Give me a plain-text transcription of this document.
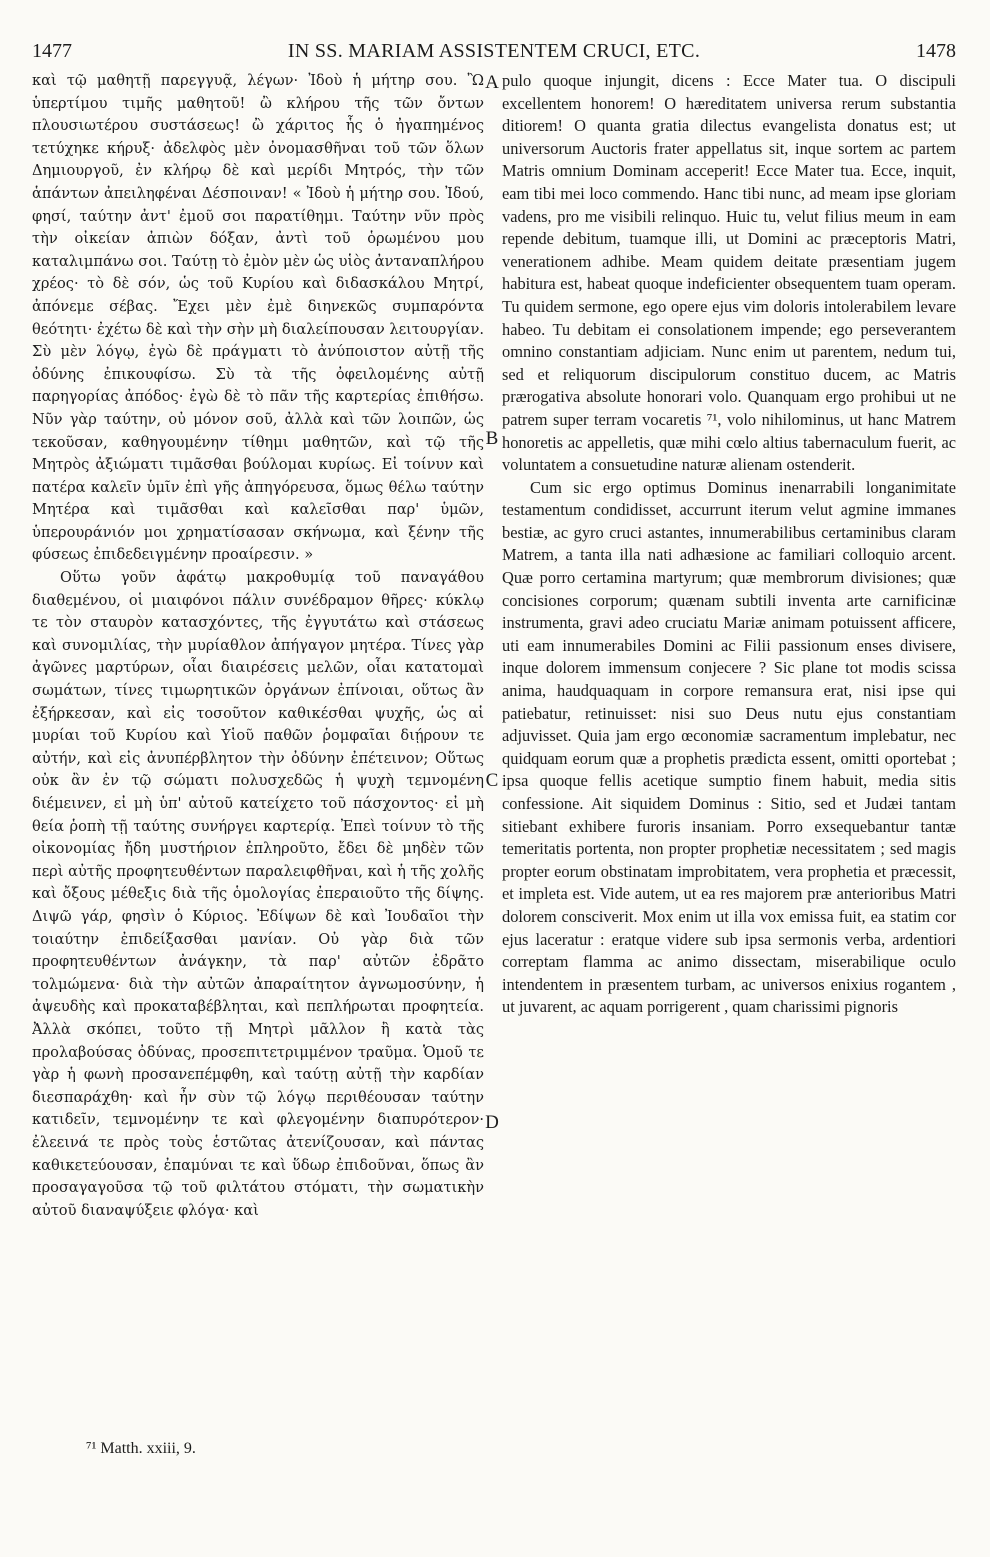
1477	IN SS. MARIAM ASSISTENTEM CRUCI, ETC.	1478

καὶ τῷ μαθητῇ παρεγγυᾷ, λέγων· Ἰδοὺ ἡ μήτηρ σου. Ὢ ὑπερτίμου τιμῆς μαθητοῦ! ὢ κλήρου τῆς τῶν ὄντων πλουσιωτέρου συστάσεως! ὢ χάριτος ἧς ὁ ἠγαπημένος τετύχηκε κήρυξ· ἀδελφὸς μὲν ὀνομασθῆναι τοῦ τῶν ὅλων Δημιουργοῦ, ἐν κλήρῳ δὲ καὶ μερίδι Μητρός, τὴν τῶν ἁπάντων ἀπειληφέναι Δέσποιναν! « Ἰδοὺ ἡ μήτηρ σου. Ἰδού, φησί, ταύτην ἀντ' ἐμοῦ σοι παρατίθημι. Ταύτην νῦν πρὸς τὴν οἰκείαν ἀπιὼν δόξαν, ἀντὶ τοῦ ὁρωμένου μου καταλιμπάνω σοι. Ταύτῃ τὸ ἐμὸν μὲν ὡς υἱὸς ἀνταναπλήρου χρέος· τὸ δὲ σόν, ὡς τοῦ Κυρίου καὶ διδασκάλου Μητρί, ἀπόνεμε σέβας. Ἔχει μὲν ἐμὲ διηνεκῶς συμπαρόντα θεότητι· ἐχέτω δὲ καὶ τὴν σὴν μὴ διαλείπουσαν λειτουργίαν. Σὺ μὲν λόγῳ, ἐγὼ δὲ πράγματι τὸ ἀνύποιστον αὐτῇ τῆς ὀδύνης ἐπικουφίσω. Σὺ τὰ τῆς ὀφειλομένης αὐτῇ παρηγορίας ἀπόδος· ἐγὼ δὲ τὸ πᾶν τῆς καρτερίας ἐπιθήσω. Νῦν γὰρ ταύτην, οὐ μόνον σοῦ, ἀλλὰ καὶ τῶν λοιπῶν, ὡς τεκοῦσαν, καθηγουμένην τίθημι μαθητῶν, καὶ τῷ τῆς Μητρὸς ἀξιώματι τιμᾶσθαι βούλομαι κυρίως. Εἰ τοίνυν καὶ πατέρα καλεῖν ὑμῖν ἐπὶ γῆς ἀπηγόρευσα, ὅμως θέλω ταύτην Μητέρα καὶ τιμᾶσθαι καὶ καλεῖσθαι παρ' ὑμῶν, ὑπερουράνιόν μοι χρηματίσασαν σκήνωμα, καὶ ξένην τῆς φύσεως ἐπιδεδειγμένην προαίρεσιν. »

Οὕτω γοῦν ἀφάτῳ μακροθυμίᾳ τοῦ παναγάθου διαθεμένου, οἱ μιαιφόνοι πάλιν συνέδραμον θῆρες· κύκλῳ τε τὸν σταυρὸν κατασχόντες, τῆς ἐγγυτάτω καὶ στάσεως καὶ συνομιλίας, τὴν μυρίαθλον ἀπήγαγον μητέρα. Τίνες γὰρ ἀγῶνες μαρτύρων, οἷαι διαιρέσεις μελῶν, οἷαι κατατομαὶ σωμάτων, τίνες τιμωρητικῶν ὀργάνων ἐπίνοιαι, οὕτως ἂν ἐξήρκεσαν, καὶ εἰς τοσοῦτον καθικέσθαι ψυχῆς, ὡς αἱ μυρίαι τοῦ Κυρίου καὶ Υἱοῦ παθῶν ῥομφαῖαι διῄρουν τε αὐτήν, καὶ εἰς ἀνυπέρβλητον τὴν ὀδύνην ἐπέτεινον; Οὕτως οὐκ ἂν ἐν τῷ σώματι πολυσχεδῶς ἡ ψυχὴ τεμνομένη διέμεινεν, εἰ μὴ ὑπ' αὐτοῦ κατείχετο τοῦ πάσχοντος· εἰ μὴ θεία ῥοπὴ τῇ ταύτης συνήργει καρτερίᾳ. Ἐπεὶ τοίνυν τὸ τῆς οἰκονομίας ἤδη μυστήριον ἐπληροῦτο, ἔδει δὲ μηδὲν τῶν περὶ αὐτῆς προφητευθέντων παραλειφθῆναι, καὶ ἡ τῆς χολῆς καὶ ὄξους μέθεξις διὰ τῆς ὁμολογίας ἐπεραιοῦτο τῆς δίψης. Διψῶ γάρ, φησὶν ὁ Κύριος. Ἐδίψων δὲ καὶ Ἰουδαῖοι τὴν τοιαύτην ἐπιδείξασθαι μανίαν. Οὐ γὰρ διὰ τῶν προφητευθέντων ἀνάγκην, τὰ παρ' αὐτῶν ἐδρᾶτο τολμώμενα· διὰ τὴν αὐτῶν ἀπαραίτητον ἀγνωμοσύνην, ἡ ἀψευδὴς καὶ προκαταβέβληται, καὶ πεπλήρωται προφητεία. Ἀλλὰ σκόπει, τοῦτο τῇ Μητρὶ μᾶλλον ἢ κατὰ τὰς προλαβούσας ὀδύνας, προσεπιτετριμμένον τραῦμα. Ὁμοῦ τε γὰρ ἡ φωνὴ προσανεπέμφθη, καὶ ταύτῃ αὐτῇ τὴν καρδίαν διεσπαράχθη· καὶ ἦν σὺν τῷ λόγῳ περιθέουσαν ταύτην κατιδεῖν, τεμνομένην τε καὶ φλεγομένην διαπυρότερον· ἐλεεινά τε πρὸς τοὺς ἑστῶτας ἀτενίζουσαν, καὶ πάντας καθικετεύουσαν, ἐπαμύναι τε καὶ ὕδωρ ἐπιδοῦναι, ὅπως ἂν προσαγαγοῦσα τῷ τοῦ φιλτάτου στόματι, τὴν σωματικὴν αὐτοῦ διαναψύξειε φλόγα· καὶ

A
B
C
D

pulo quoque injungit, dicens : Ecce Mater tua. O discipuli excellentem honorem! O hæreditatem universa rerum substantia ditiorem! O quanta gratia dilectus evangelista donatus est; ut universorum Auctoris frater appellatus sit, inque sortem ac partem Matris omnium Dominam acceperit! Ecce Mater tua. Ecce, inquit, eam tibi mei loco commendo. Hanc tibi nunc, ad meam ipse gloriam vadens, pro me visibili relinquo. Huic tu, velut filius meum in eam repende debitum, tuamque illi, ut Domini ac præceptoris Matri, venerationem adhibe. Meam quidem deitate præsentiam jugem habitura est, habeat quoque indeficienter obsequentem tuam operam. Tu quidem sermone, ego opere ejus vim doloris intolerabilem levare habeo. Tu debitam ei consolationem impende; ego perseverantem omnino constantiam adjiciam. Nunc enim ut parentem, nedum tui, sed et reliquorum discipulorum constituo ducem, ac Matris prærogativa absolute honorari volo. Quanquam ergo prohibui ut ne patrem super terram vocaretis ⁷¹, volo nihilominus, ut hanc Matrem honoretis ac appelletis, quæ mihi cœlo altius tabernaculum fuerit, ac voluntatem a consuetudine naturæ alienam ostenderit.

Cum sic ergo optimus Dominus inenarrabili longanimitate testamentum condidisset, accurrunt iterum velut agmine immanes bestiæ, ac gyro cruci astantes, innumerabilibus certaminibus claram Matrem, a tanta illa nati adhæsione ac familiari colloquio arcent. Quæ porro certamina martyrum; quæ membrorum divisiones; quæ concisiones corporum; quænam subtili inventa arte carnificinæ instrumenta, gravi adeo cruciatu Mariæ animam potuissent afficere, uti eam innumerabiles Domini ac Filii passionum enses divisere, inque dolorem immensum conjecere ? Sic plane tot modis scissa anima, haudquaquam in corpore remansura erat, nisi ipse qui patiebatur, retinuisset: nisi suo Deus nutu ejus constantiam adjuvisset. Quia jam ergo œconomiæ sacramentum implebatur, nec quidquam eorum quæ a prophetis prædicta essent, omitti oportebat ; ipsa quoque fellis acetique sumptio finem habuit, media sitis confessione. Ait siquidem Dominus : Sitio, sed et Judæi tantam sitiebant exhibere furoris insaniam. Porro exsequebantur tantæ temeritatis portenta, non propter prophetiæ necessitatem ; sed magis propter eorum obstinatam improbitatem, vera prophetia et præcessit, et impleta est. Vide autem, ut ea res majorem præ anterioribus Matri dolorem consciverit. Mox enim ut illa vox emissa fuit, ea statim cor ejus laceratur : eratque videre sub ipsa sermonis verba, ardentiori correptam flamma ac animo dissectam, miserabilique oculo intendentem in præsentem turbam, ac universos enixius rogantem , ut juvarent, ac aquam porrigerent , quam charissimi pignoris

⁷¹ Matth. xxiii, 9.
